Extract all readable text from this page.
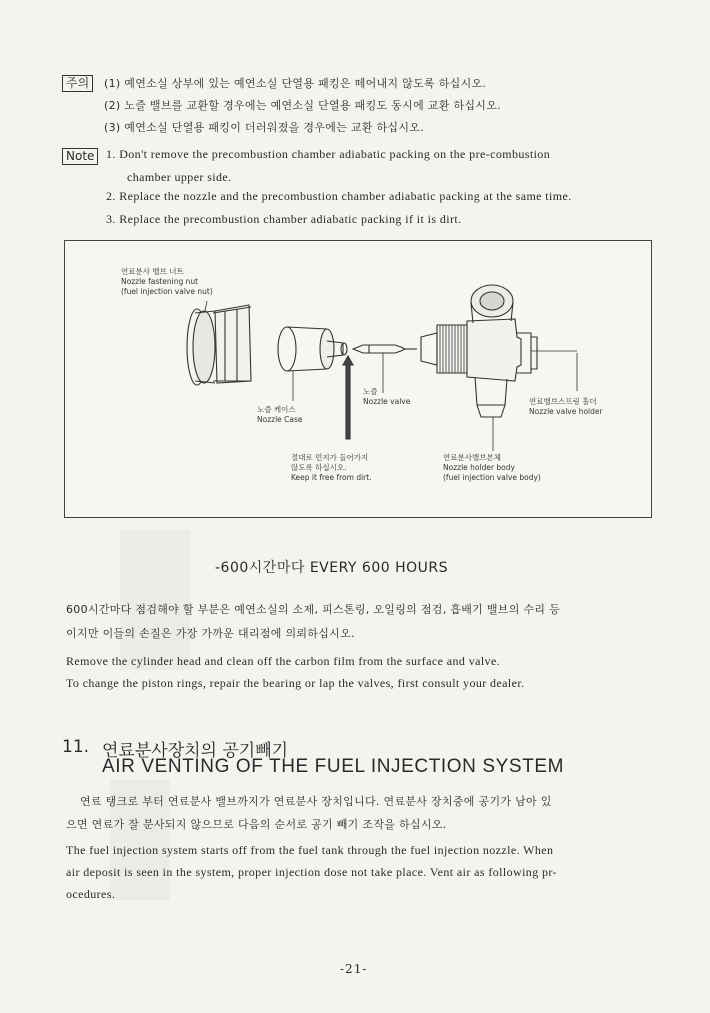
주의	(1) 예연소실 상부에 있는 예연소실 단열용 패킹은 떼어내지 않도록 하십시오.
(2) 노즐 밸브를 교환할 경우에는 예연소실 단열용 패킹도 동시에 교환 하십시오.
(3) 예연소실 단열용 패킹이 더러워졌을 경우에는 교환 하십시오.
Note 1. Don't remove the precombustion chamber adiabatic packing on the pre-combustion
chamber upper side.
2. Replace the nozzle and the precombustion chamber adiabatic packing at the same time.
3. Replace the precombustion chamber adiabatic packing if it is dirt.
연료분사 밸브 너트
Nozzle fastening nut
(fuel injection valve nut)
노즐 케이스
Nozzle Case
노즐
Nozzle valve	연료밸브스프링 홀더
Nozzle valve holder
절대로 먼지가 들어가지
않도록 하십시오.
Keep it free from dirt.
연료분사밸브본체
Nozzle holder body
(fuel injection valve body)
-600시간마다 EVERY 600 HOURS
600시간마다 점검해야 할 부분은 예연소실의 소제, 피스톤링, 오일링의 점검, 흡배기 밸브의 수리 등
이지만 이들의 손질은 가장 가까운 대리점에 의뢰하십시오.
Remove the cylinder head and clean off the carbon film from the surface and valve.
To change the piston rings, repair the bearing or lap the valves, first consult your dealer.
11. 연료분사장치의 공기빼기
AIR VENTING OF THE FUEL INJECTION SYSTEM
연료 탱크로 부터 연료분사 밸브까지가 연료분사 장치입니다. 연료분사 장치중에 공기가 남아 있
으면 연료가 잘 분사되지 않으므로 다음의 순서로 공기 빼기 조작을 하십시오.
The fuel injection system starts off from the fuel tank through the fuel injection nozzle. When
air deposit is seen in the system, proper injection dose not take place. Vent air as following pr-
ocedures.
-21-
